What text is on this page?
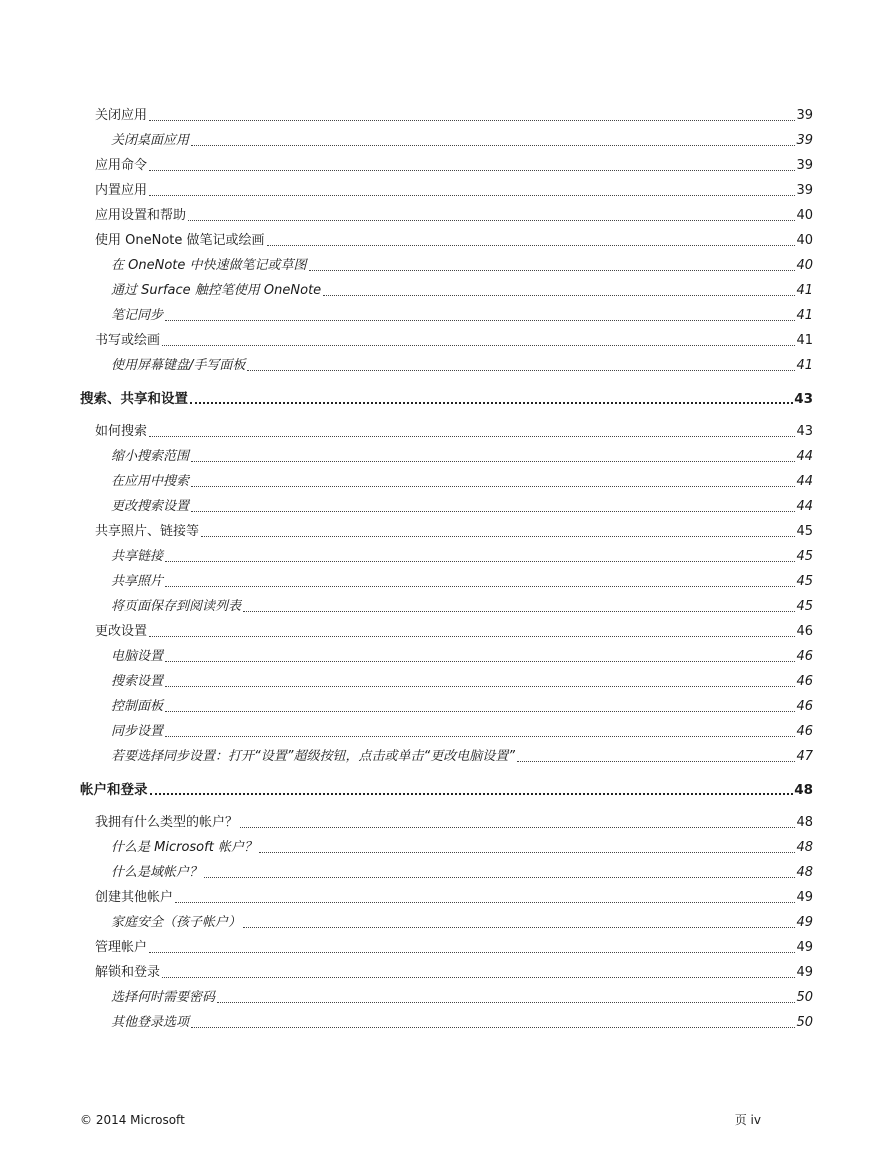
关闭应用	39
关闭桌面应用	39
应用命令	39
内置应用	39
应用设置和帮助	40
使用 OneNote 做笔记或绘画	40
在 OneNote 中快速做笔记或草图	40
通过 Surface 触控笔使用 OneNote	41
笔记同步	41
书写或绘画	41
使用屏幕键盘/手写面板	41
搜索、共享和设置	43
如何搜索	43
缩小搜索范围	44
在应用中搜索	44
更改搜索设置	44
共享照片、链接等	45
共享链接	45
共享照片	45
将页面保存到阅读列表	45
更改设置	46
电脑设置	46
搜索设置	46
控制面板	46
同步设置	46
若要选择同步设置：打开“设置”超级按钮，点击或单击“更改电脑设置”	47
帐户和登录	48
我拥有什么类型的帐户？	48
什么是 Microsoft 帐户？	48
什么是域帐户？	48
创建其他帐户	49
家庭安全（孩子帐户）	49
管理帐户	49
解锁和登录	49
选择何时需要密码	50
其他登录选项	50
© 2014 Microsoft	页 iv
